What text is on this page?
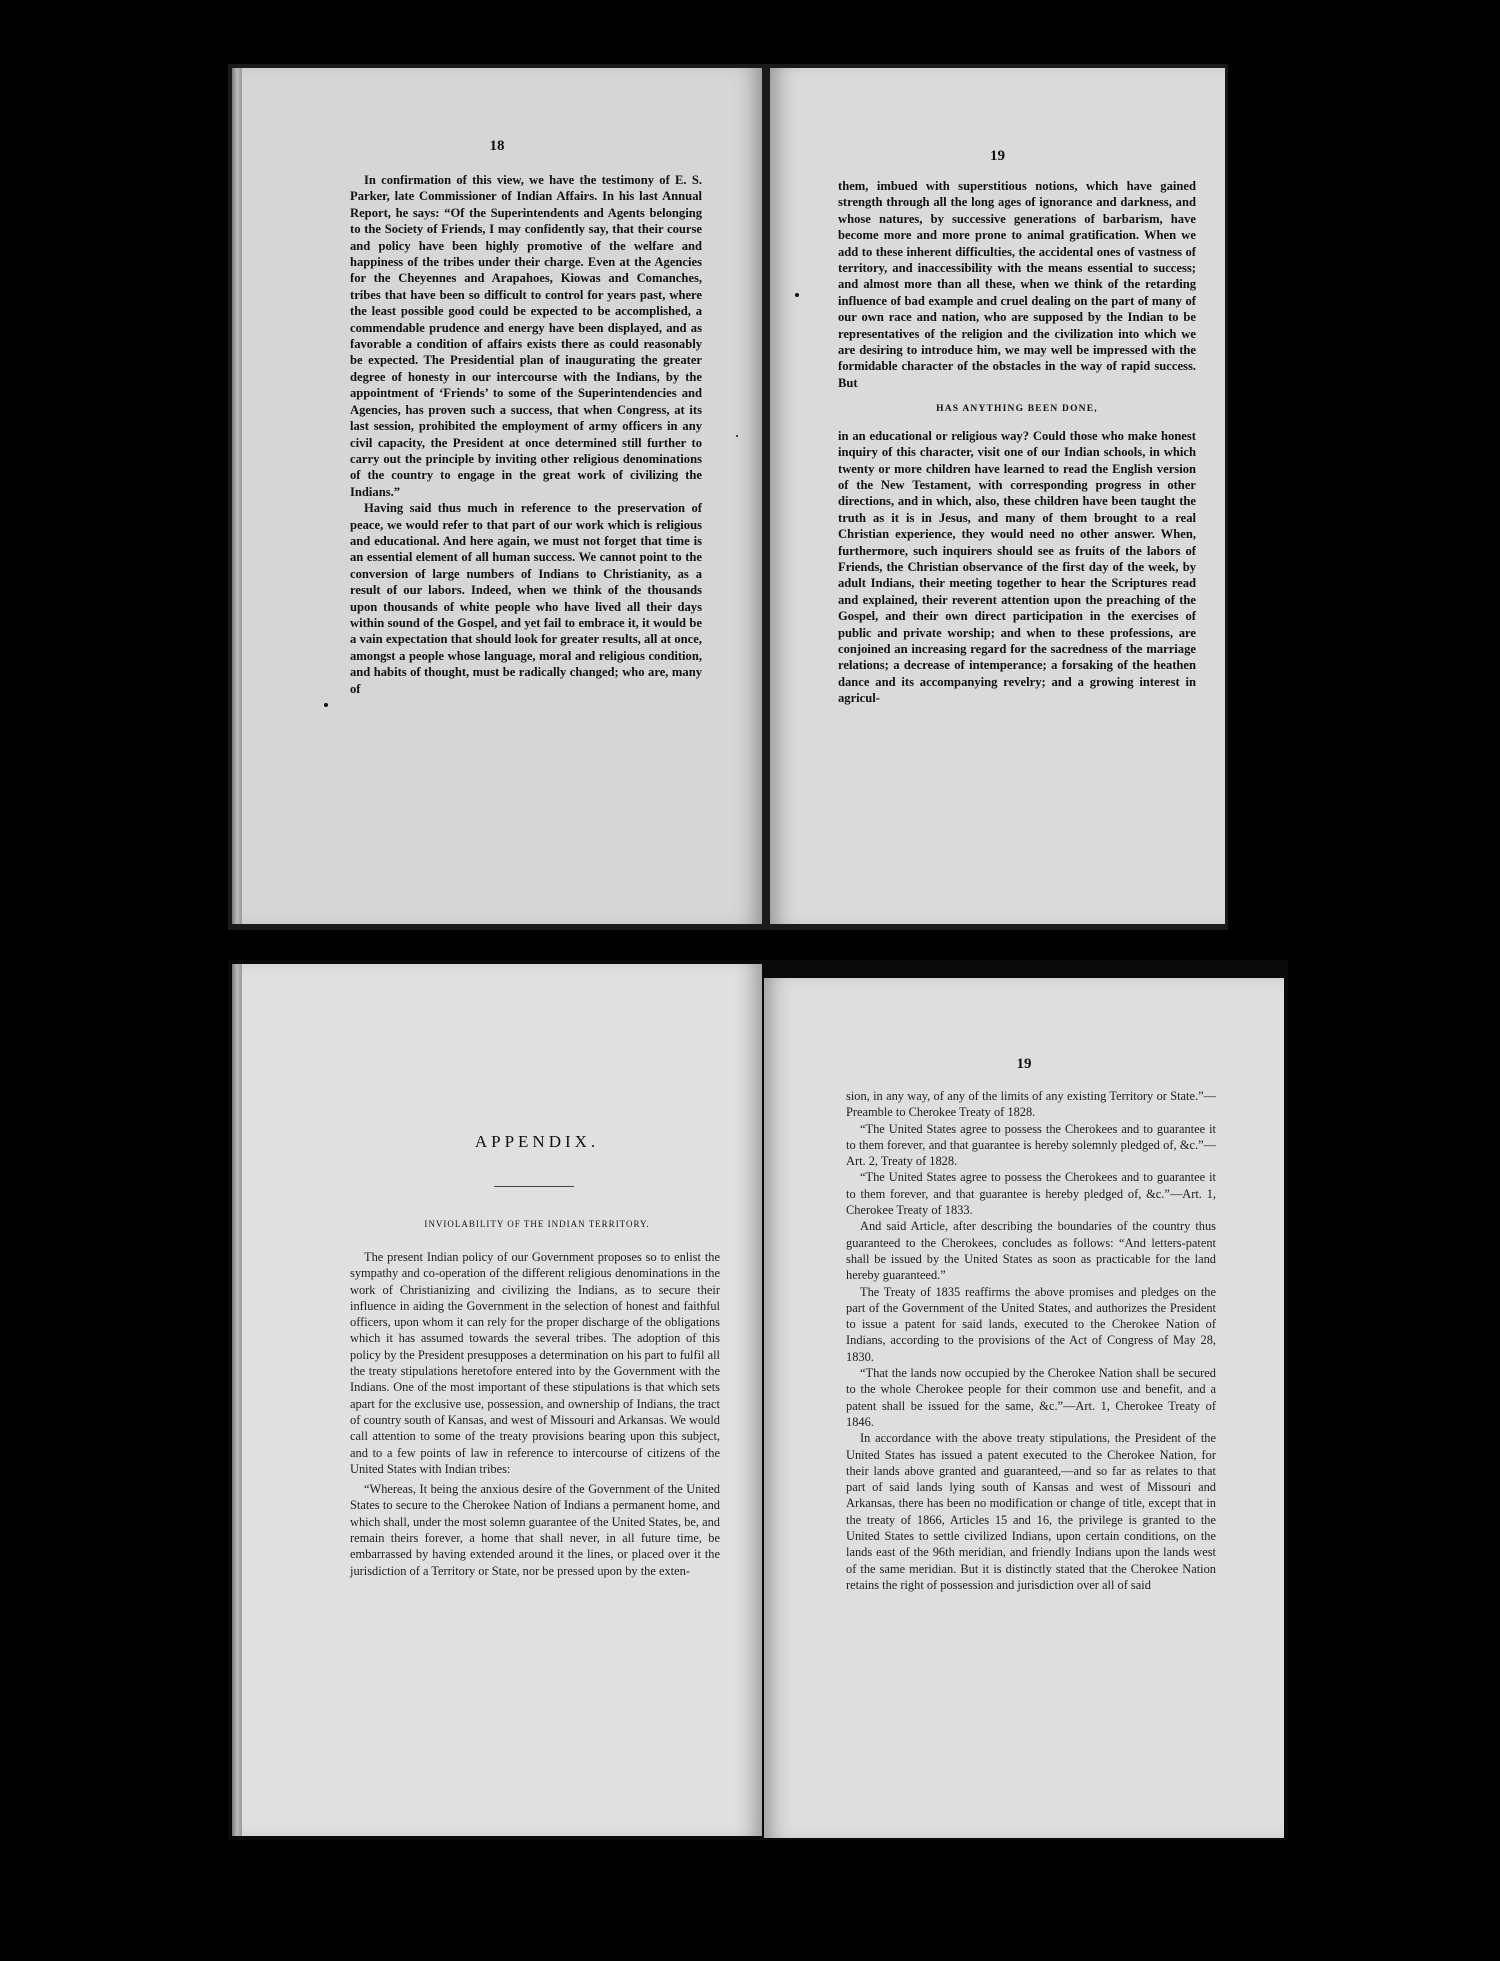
18

In confirmation of this view, we have the testimony of E. S. Parker, late Commissioner of Indian Affairs. In his last Annual Report, he says: “Of the Superintendents and Agents belonging to the Society of Friends, I may confidently say, that their course and policy have been highly promotive of the welfare and happiness of the tribes under their charge. Even at the Agencies for the Cheyennes and Arapahoes, Kiowas and Comanches, tribes that have been so difficult to control for years past, where the least possible good could be expected to be accomplished, a commendable prudence and energy have been displayed, and as favorable a condition of affairs exists there as could reasonably be expected. The Presidential plan of inaugurating the greater degree of honesty in our intercourse with the Indians, by the appointment of ‘Friends’ to some of the Superintendencies and Agencies, has proven such a success, that when Congress, at its last session, prohibited the employment of army officers in any civil capacity, the President at once determined still further to carry out the principle by inviting other religious denominations of the country to engage in the great work of civilizing the Indians.”

Having said thus much in reference to the preservation of peace, we would refer to that part of our work which is religious and educational. And here again, we must not forget that time is an essential element of all human success. We cannot point to the conversion of large numbers of Indians to Christianity, as a result of our labors. Indeed, when we think of the thousands upon thousands of white people who have lived all their days within sound of the Gospel, and yet fail to embrace it, it would be a vain expectation that should look for greater results, all at once, amongst a people whose language, moral and religious condition, and habits of thought, must be radically changed; who are, many of

19

them, imbued with superstitious notions, which have gained strength through all the long ages of ignorance and darkness, and whose natures, by successive generations of barbarism, have become more and more prone to animal gratification. When we add to these inherent difficulties, the accidental ones of vastness of territory, and inaccessibility with the means essential to success; and almost more than all these, when we think of the retarding influence of bad example and cruel dealing on the part of many of our own race and nation, who are supposed by the Indian to be representatives of the religion and the civilization into which we are desiring to introduce him, we may well be impressed with the formidable character of the obstacles in the way of rapid success. But

HAS ANYTHING BEEN DONE,

in an educational or religious way? Could those who make honest inquiry of this character, visit one of our Indian schools, in which twenty or more children have learned to read the English version of the New Testament, with corresponding progress in other directions, and in which, also, these children have been taught the truth as it is in Jesus, and many of them brought to a real Christian experience, they would need no other answer. When, furthermore, such inquirers should see as fruits of the labors of Friends, the Christian observance of the first day of the week, by adult Indians, their meeting together to hear the Scriptures read and explained, their reverent attention upon the preaching of the Gospel, and their own direct participation in the exercises of public and private worship; and when to these professions, are conjoined an increasing regard for the sacredness of the marriage relations; a decrease of intemperance; a forsaking of the heathen dance and its accompanying revelry; and a growing interest in agricul-

APPENDIX.
INVIOLABILITY OF THE INDIAN TERRITORY.

The present Indian policy of our Government proposes so to enlist the sympathy and co-operation of the different religious denominations in the work of Christianizing and civilizing the Indians, as to secure their influence in aiding the Government in the selection of honest and faithful officers, upon whom it can rely for the proper discharge of the obligations which it has assumed towards the several tribes. The adoption of this policy by the President presupposes a determination on his part to fulfil all the treaty stipulations heretofore entered into by the Government with the Indians. One of the most important of these stipulations is that which sets apart for the exclusive use, possession, and ownership of Indians, the tract of country south of Kansas, and west of Missouri and Arkansas. We would call attention to some of the treaty provisions bearing upon this subject, and to a few points of law in reference to intercourse of citizens of the United States with Indian tribes:

“Whereas, It being the anxious desire of the Government of the United States to secure to the Cherokee Nation of Indians a permanent home, and which shall, under the most solemn guarantee of the United States, be, and remain theirs forever, a home that shall never, in all future time, be embarrassed by having extended around it the lines, or placed over it the jurisdiction of a Territory or State, nor be pressed upon by the exten-

19

sion, in any way, of any of the limits of any existing Territory or State.”—Preamble to Cherokee Treaty of 1828.

“The United States agree to possess the Cherokees and to guarantee it to them forever, and that guarantee is hereby solemnly pledged of, &c.”—Art. 2, Treaty of 1828.

“The United States agree to possess the Cherokees and to guarantee it to them forever, and that guarantee is hereby pledged of, &c.”—Art. 1, Cherokee Treaty of 1833.

And said Article, after describing the boundaries of the country thus guaranteed to the Cherokees, concludes as follows: “And letters-patent shall be issued by the United States as soon as practicable for the land hereby guaranteed.”

The Treaty of 1835 reaffirms the above promises and pledges on the part of the Government of the United States, and authorizes the President to issue a patent for said lands, executed to the Cherokee Nation of Indians, according to the provisions of the Act of Congress of May 28, 1830.

“That the lands now occupied by the Cherokee Nation shall be secured to the whole Cherokee people for their common use and benefit, and a patent shall be issued for the same, &c.”—Art. 1, Cherokee Treaty of 1846.

In accordance with the above treaty stipulations, the President of the United States has issued a patent executed to the Cherokee Nation, for their lands above granted and guaranteed,—and so far as relates to that part of said lands lying south of Kansas and west of Missouri and Arkansas, there has been no modification or change of title, except that in the treaty of 1866, Articles 15 and 16, the privilege is granted to the United States to settle civilized Indians, upon certain conditions, on the lands east of the 96th meridian, and friendly Indians upon the lands west of the same meridian. But it is distinctly stated that the Cherokee Nation retains the right of possession and jurisdiction over all of said
